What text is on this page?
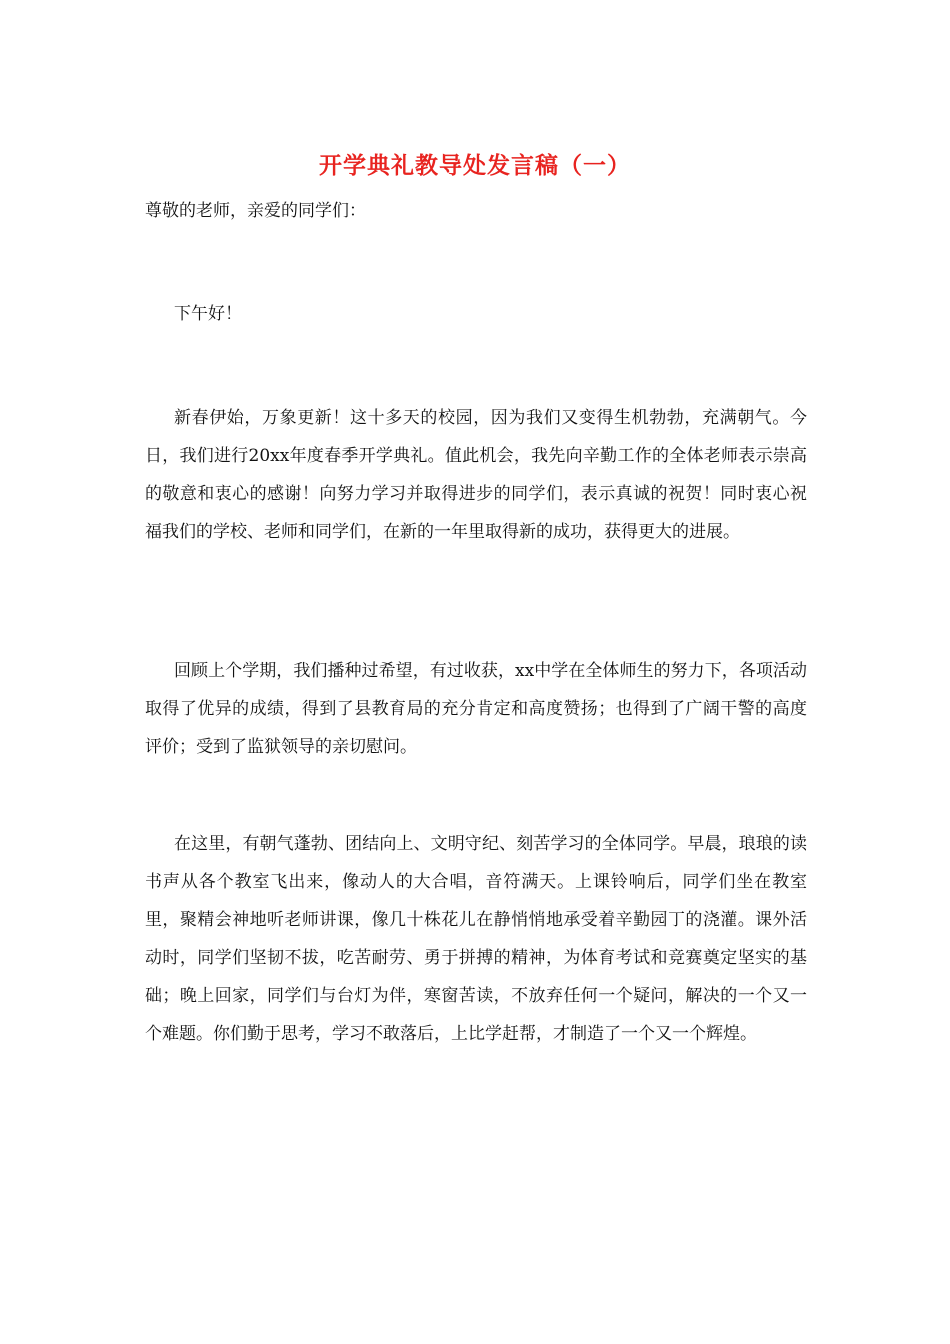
开学典礼教导处发言稿（一）
尊敬的老师，亲爱的同学们：
下午好！
新春伊始，万象更新！这十多天的校园，因为我们又变得生机勃勃，充满朝气。今日，我们进行20xx年度春季开学典礼。值此机会，我先向辛勤工作的全体老师表示崇高的敬意和衷心的感谢！向努力学习并取得进步的同学们，表示真诚的祝贺！同时衷心祝福我们的学校、老师和同学们，在新的一年里取得新的成功，获得更大的进展。
回顾上个学期，我们播种过希望，有过收获，xx中学在全体师生的努力下，各项活动取得了优异的成绩，得到了县教育局的充分肯定和高度赞扬；也得到了广阔干警的高度评价；受到了监狱领导的亲切慰问。
在这里，有朝气蓬勃、团结向上、文明守纪、刻苦学习的全体同学。早晨，琅琅的读书声从各个教室飞出来，像动人的大合唱，音符满天。上课铃响后，同学们坐在教室里，聚精会神地听老师讲课，像几十株花儿在静悄悄地承受着辛勤园丁的浇灌。课外活动时，同学们坚韧不拔，吃苦耐劳、勇于拼搏的精神，为体育考试和竞赛奠定坚实的基础；晚上回家，同学们与台灯为伴，寒窗苦读，不放弃任何一个疑问，解决的一个又一个难题。你们勤于思考，学习不敢落后，上比学赶帮，才制造了一个又一个辉煌。
